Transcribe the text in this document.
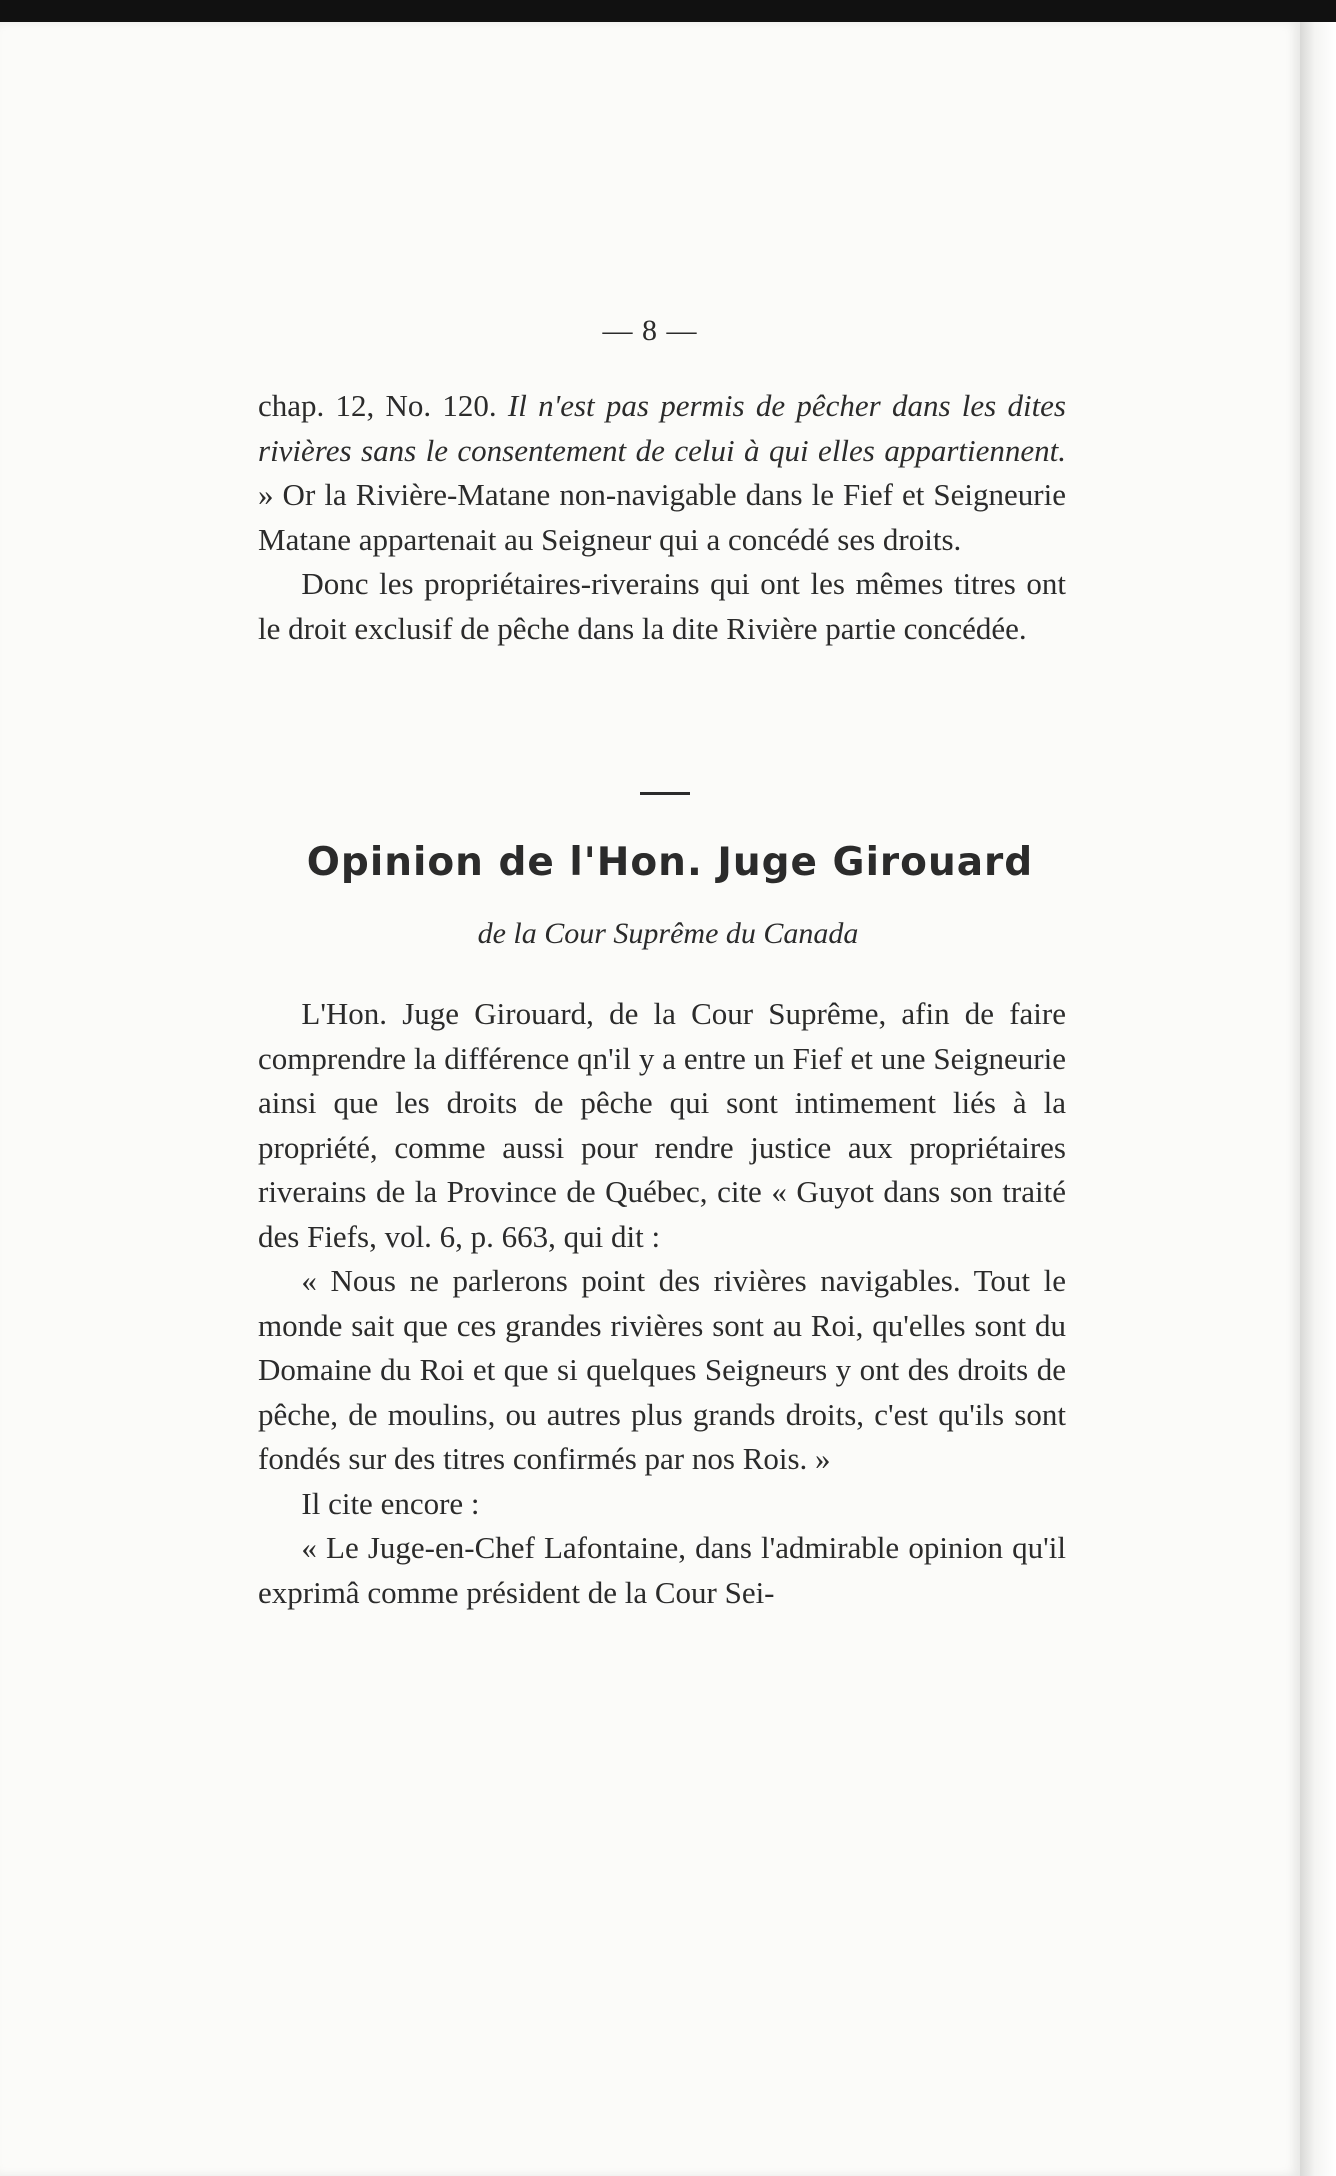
— 8 —

chap. 12, No. 120. Il n'est pas permis de pêcher dans les dites rivières sans le consentement de celui à qui elles appartiennent. » Or la Rivière-Matane non-navigable dans le Fief et Seigneurie Matane appartenait au Seigneur qui a concédé ses droits.

Donc les propriétaires-riverains qui ont les mêmes titres ont le droit exclusif de pêche dans la dite Rivière partie concédée.

Opinion de l'Hon. Juge Girouard
de la Cour Suprême du Canada

L'Hon. Juge Girouard, de la Cour Suprême, afin de faire comprendre la différence qn'il y a entre un Fief et une Seigneurie ainsi que les droits de pêche qui sont intimement liés à la propriété, comme aussi pour rendre justice aux propriétaires riverains de la Province de Québec, cite « Guyot dans son traité des Fiefs, vol. 6, p. 663, qui dit :

« Nous ne parlerons point des rivières navigables. Tout le monde sait que ces grandes rivières sont au Roi, qu'elles sont du Domaine du Roi et que si quelques Seigneurs y ont des droits de pêche, de moulins, ou autres plus grands droits, c'est qu'ils sont fondés sur des titres confirmés par nos Rois. »

Il cite encore :

« Le Juge-en-Chef Lafontaine, dans l'admirable opinion qu'il exprimâ comme président de la Cour Sei-
